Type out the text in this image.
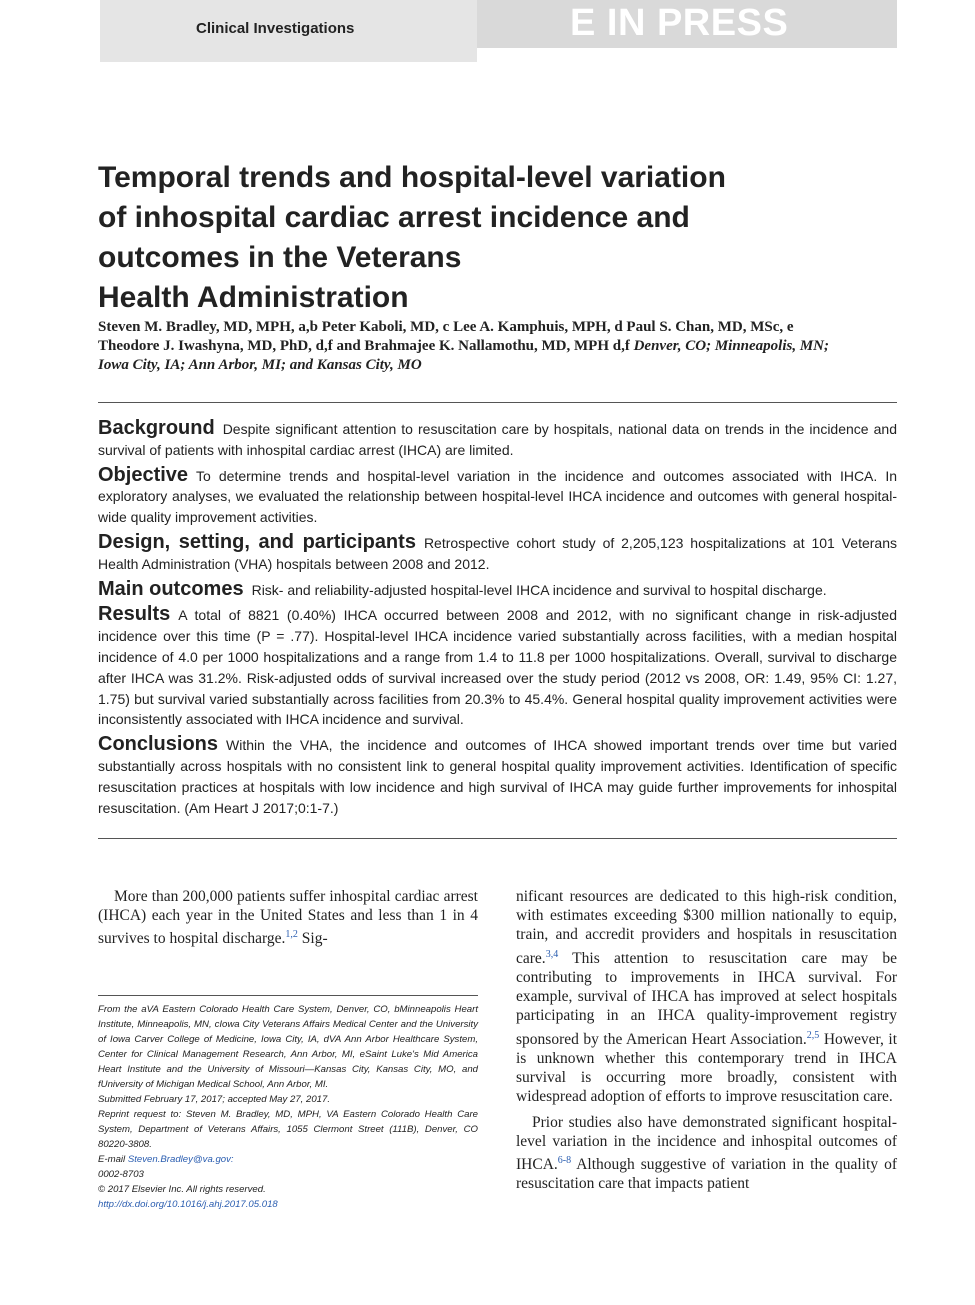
Clinical Investigations	E IN PRESS
Temporal trends and hospital-level variation
of inhospital cardiac arrest incidence and
outcomes in the Veterans
Health Administration
Steven M. Bradley, MD, MPH, a,b Peter Kaboli, MD, c Lee A. Kamphuis, MPH, d Paul S. Chan, MD, MSc, e
Theodore J. Iwashyna, MD, PhD, d,f and Brahmajee K. Nallamothu, MD, MPH d,f Denver, CO; Minneapolis, MN;
Iowa City, IA; Ann Arbor, MI; and Kansas City, MO

Background Despite significant attention to resuscitation care by hospitals, national data on trends in the incidence and survival of patients with inhospital cardiac arrest (IHCA) are limited.

Objective To determine trends and hospital-level variation in the incidence and outcomes associated with IHCA. In exploratory analyses, we evaluated the relationship between hospital-level IHCA incidence and outcomes with general hospital-wide quality improvement activities.

Design, setting, and participants Retrospective cohort study of 2,205,123 hospitalizations at 101 Veterans Health Administration (VHA) hospitals between 2008 and 2012.

Main outcomes Risk- and reliability-adjusted hospital-level IHCA incidence and survival to hospital discharge.

Results A total of 8821 (0.40%) IHCA occurred between 2008 and 2012, with no significant change in risk-adjusted incidence over this time (P = .77). Hospital-level IHCA incidence varied substantially across facilities, with a median hospital incidence of 4.0 per 1000 hospitalizations and a range from 1.4 to 11.8 per 1000 hospitalizations. Overall, survival to discharge after IHCA was 31.2%. Risk-adjusted odds of survival increased over the study period (2012 vs 2008, OR: 1.49, 95% CI: 1.27, 1.75) but survival varied substantially across facilities from 20.3% to 45.4%. General hospital quality improvement activities were inconsistently associated with IHCA incidence and survival.

Conclusions Within the VHA, the incidence and outcomes of IHCA showed important trends over time but varied substantially across hospitals with no consistent link to general hospital quality improvement activities. Identification of specific resuscitation practices at hospitals with low incidence and high survival of IHCA may guide further improvements for inhospital resuscitation. (Am Heart J 2017;0:1-7.)

More than 200,000 patients suffer inhospital cardiac arrest (IHCA) each year in the United States and less than 1 in 4 survives to hospital discharge.$^{1,2}$ Sig-

From the aVA Eastern Colorado Health Care System, Denver, CO, bMinneapolis Heart Institute, Minneapolis, MN, cIowa City Veterans Affairs Medical Center and the University of Iowa Carver College of Medicine, Iowa City, IA, dVA Ann Arbor Healthcare System, Center for Clinical Management Research, Ann Arbor, MI, eSaint Luke's Mid America Heart Institute and the University of Missouri—Kansas City, Kansas City, MO, and fUniversity of Michigan Medical School, Ann Arbor, MI.

Submitted February 17, 2017; accepted May 27, 2017.

Reprint request to: Steven M. Bradley, MD, MPH, VA Eastern Colorado Health Care System, Department of Veterans Affairs, 1055 Clermont Street (111B), Denver, CO 80220-3808.

E-mail Steven.Bradley@va.gov:

0002-8703

© 2017 Elsevier Inc. All rights reserved.

http://dx.doi.org/10.1016/j.ahj.2017.05.018

nificant resources are dedicated to this high-risk condition, with estimates exceeding $300 million nationally to equip, train, and accredit providers and hospitals in resuscitation care.$^{3,4}$ This attention to resuscitation care may be contributing to improvements in IHCA survival. For example, survival of IHCA has improved at select hospitals participating in an IHCA quality-improvement registry sponsored by the American Heart Association.$^{2,5}$ However, it is unknown whether this contemporary trend in IHCA survival is occurring more broadly, consistent with widespread adoption of efforts to improve resuscitation care.

Prior studies also have demonstrated significant hospital-level variation in the incidence and inhospital outcomes of IHCA.$^{6-8}$ Although suggestive of variation in the quality of resuscitation care that impacts patient
